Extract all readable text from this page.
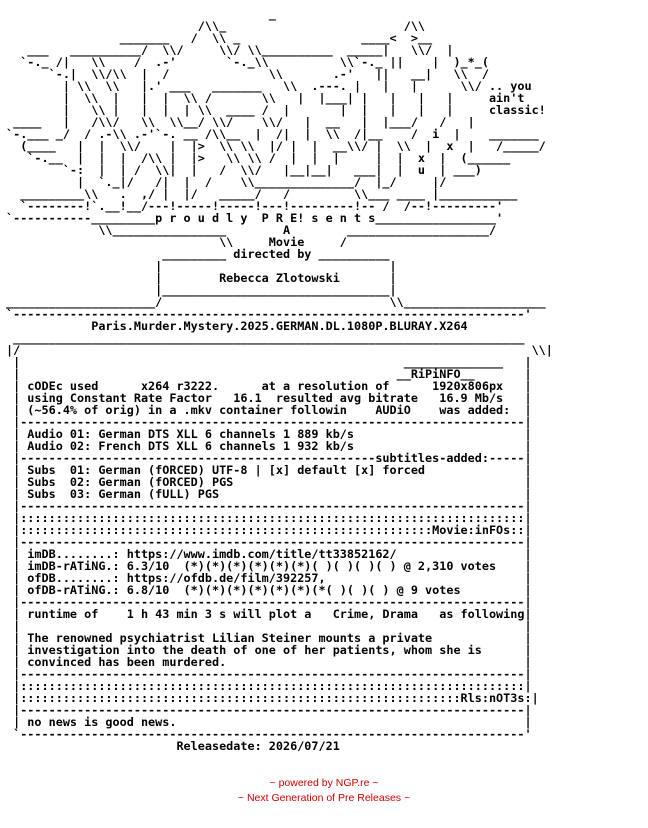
_
/\\_                         /\\
_______   /  \\ _                 ____<  >__
___   __________/  \\/     \\/ \\__________  _____|   \\/  |
`-._ /|   \\    /  .-'       `-._\\          \\`-._ ||    |  )_*_(
`-.|  \\/\\  |  /              \\       .-'   ||   __|   \\  /
| \\  \\   |.' ___   _______   \\  .---. |   |   |      \\/ .. you
|  \\  |   |  |  \\ /       \\   |  |___| |   |   |   |     ain't
|   \\ |   |  |  | \\  ____ /  |       |  |   |   |   |     classic!
____   |   /\\/   \\  \\__/ \\/    \\/   |  __   |  |___/   /   |
`-.___ _/  / .-\\ .-'`-. __ /\\__  |  /|  |  \\  /|__    /  i  |    _______
(____   |  |  \\/    |  |>  \\ \\  |/ |  |  __\\/ |  \\  |  x  |   /_____/
`-.__  |  |  |  /\\ |  |>   \\ \\ /  |  |  |     |  |  x  |  (______
`-:  |  | /  \\|  |   /  \\/   |__|__|   ___|  |  u  | ___)
|  `._|/   /|  |  /    \\______________/  |_/     |/
_________\\   .  ,/ |  |/   _____/   /         \\___ ____ |___________
`--------!`.__!__/---!-----!-----!---!---------!-- /  /--!---------'
`-----------_________p r o u d l y  P R E! s e n t s_________________'
\\________________        A        ____________________/
\\     Movie     /
_________ directed by __________
|                                |
|        Rebecca Zlotowski       |
|________________________________|
_____________________/                                \\____________________
`------------------------------------------------------------------------'
Paris.Murder.Mystery.2025.GERMAN.DL.1080P.BLURAY.X264
________________________________________________________________________
|/                                                                        \\|
|                                                      ______________   |
|                                                     __RiPiNFO__       |
| cODEc used      x264 r3222.      at a resolution of      1920x806px   |
| using Constant Rate Factor   16.1  resulted avg bitrate   16.9 Mb/s   |
| (~56.4% of orig) in a .mkv container followin    AUDiO    was added:  |
|-----------------------------------------------------------------------|
| Audio 01: German DTS XLL 6 channels 1 889 kb/s                        |
| Audio 02: French DTS XLL 6 channels 1 932 kb/s                        |
|--------------------------------------------------subtitles-added:-----|
| Subs  01: German (fORCED) UTF-8 | [x] default [x] forced              |
| Subs  02: German (fORCED) PGS                                         |
| Subs  03: German (fULL) PGS                                           |
|-----------------------------------------------------------------------|
|:::::::::::::::::::::::::::::::::::::::::::::::::::::::::::::::::::::::|
|::::::::::::::::::::::::::::::::::::::::::::::::::::::::::Movie:inFOs::|
|-----------------------------------------------------------------------|
| imDB........: https://www.imdb.com/title/tt33852162/                  |
| imDB-rATiNG.: 6.3/10  (*)(*)(*)(*)(*)(*)( )( )( )( ) @ 2,310 votes    |
| ofDB........: https://ofdb.de/film/392257,                            |
| ofDB-rATiNG.: 6.8/10  (*)(*)(*)(*)(*)(*)(*( )( )( ) @ 9 votes         |
|-----------------------------------------------------------------------|
| runtime of    1 h 43 min 3 s will plot a   Crime, Drama   as following|
|                                                                       |
| The renowned psychiatrist Lilian Steiner mounts a private             |
| investigation into the death of one of her patients, whom she is      |
| convinced has been murdered.                                          |
|-----------------------------------------------------------------------|
|:::::::::::::::::::::::::::::::::::::::::::::::::::::::::::::::::::::::|
|::::::::::::::::::::::::::::::::::::::::::::::::::::::::::::::Rls:nOT3s:|
|-----------------------------------------------------------------------|
| no news is good news.                                                 |
`-----------------------------------------------------------------------'
Releasedate: 2026/07/21
~ powered by NGP.re ~
~ Next Generation of Pre Releases ~
